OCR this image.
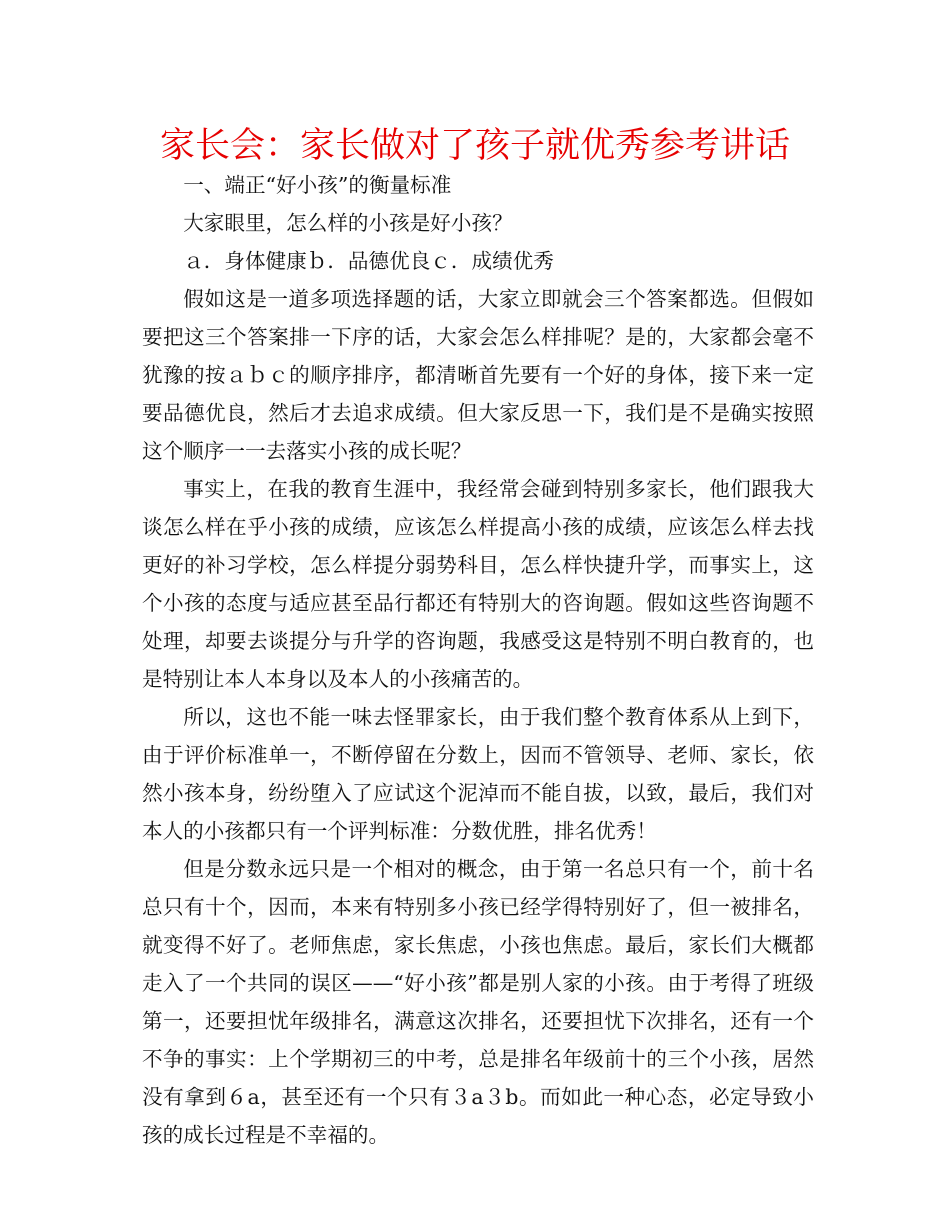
家长会：家长做对了孩子就优秀参考讲话

一、端正“好小孩”的衡量标准

大家眼里，怎么样的小孩是好小孩？

ａ．身体健康ｂ．品德优良ｃ．成绩优秀

假如这是一道多项选择题的话，大家立即就会三个答案都选。但假如要把这三个答案排一下序的话，大家会怎么样排呢？是的，大家都会毫不犹豫的按ａｂｃ的顺序排序，都清晰首先要有一个好的身体，接下来一定要品德优良，然后才去追求成绩。但大家反思一下，我们是不是确实按照这个顺序一一去落实小孩的成长呢？

事实上，在我的教育生涯中，我经常会碰到特别多家长，他们跟我大谈怎么样在乎小孩的成绩，应该怎么样提高小孩的成绩，应该怎么样去找更好的补习学校，怎么样提分弱势科目，怎么样快捷升学，而事实上，这个小孩的态度与适应甚至品行都还有特别大的咨询题。假如这些咨询题不处理，却要去谈提分与升学的咨询题，我感受这是特别不明白教育的，也是特别让本人本身以及本人的小孩痛苦的。

所以，这也不能一味去怪罪家长，由于我们整个教育体系从上到下，由于评价标准单一，不断停留在分数上，因而不管领导、老师、家长，依然小孩本身，纷纷堕入了应试这个泥淖而不能自拔，以致，最后，我们对本人的小孩都只有一个评判标准：分数优胜，排名优秀！

但是分数永远只是一个相对的概念，由于第一名总只有一个，前十名总只有十个，因而，本来有特别多小孩已经学得特别好了，但一被排名，就变得不好了。老师焦虑，家长焦虑，小孩也焦虑。最后，家长们大概都走入了一个共同的误区——“好小孩”都是别人家的小孩。由于考得了班级第一，还要担忧年级排名，满意这次排名，还要担忧下次排名，还有一个不争的事实：上个学期初三的中考，总是排名年级前十的三个小孩，居然没有拿到６a，甚至还有一个只有３a３b。而如此一种心态，必定导致小孩的成长过程是不幸福的。
